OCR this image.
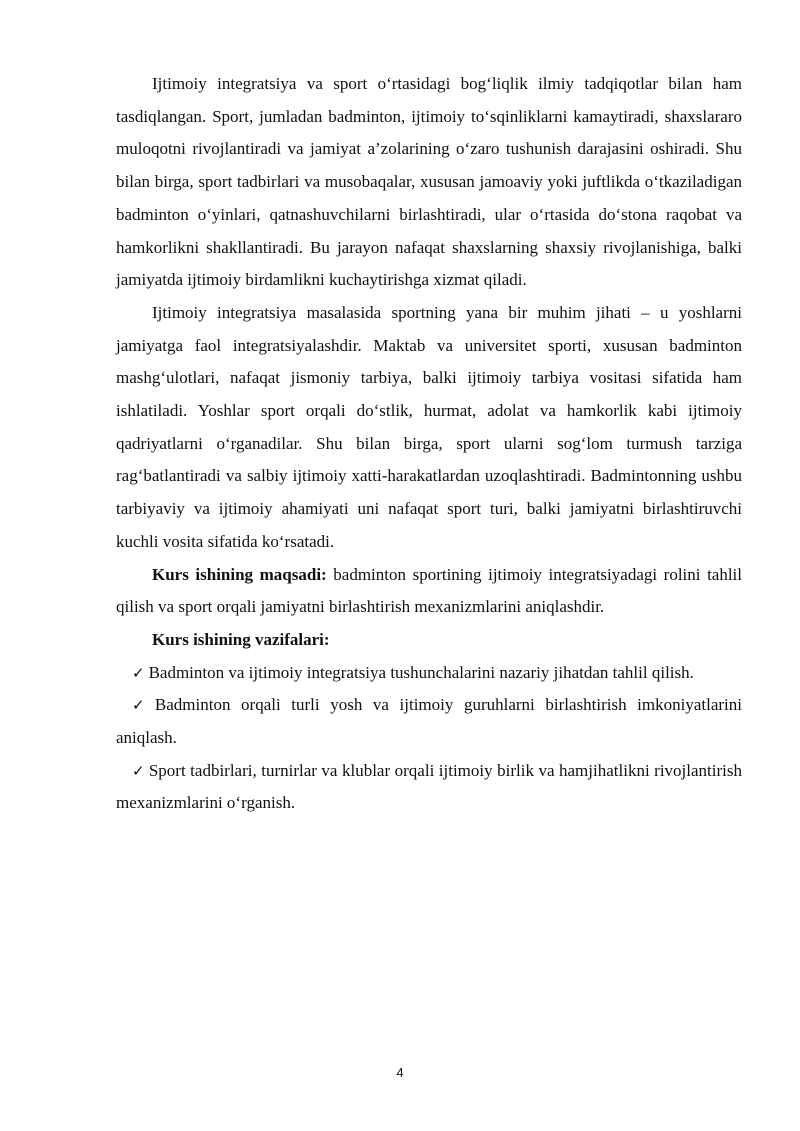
Ijtimoiy integratsiya va sport o‘rtasidagi bog‘liqlik ilmiy tadqiqotlar bilan ham tasdiqlangan. Sport, jumladan badminton, ijtimoiy to‘sqinliklarni kamaytiradi, shaxslararo muloqotni rivojlantiradi va jamiyat a’zolarining o‘zaro tushunish darajasini oshiradi. Shu bilan birga, sport tadbirlari va musobaqalar, xususan jamoaviy yoki juftlikda o‘tkaziladigan badminton o‘yinlari, qatnashuvchilarni birlashtiradi, ular o‘rtasida do‘stona raqobat va hamkorlikni shakllantiradi. Bu jarayon nafaqat shaxslarning shaxsiy rivojlanishiga, balki jamiyatda ijtimoiy birdamlikni kuchaytirishga xizmat qiladi.

Ijtimoiy integratsiya masalasida sportning yana bir muhim jihati – u yoshlarni jamiyatga faol integratsiyalashdir. Maktab va universitet sporti, xususan badminton mashg‘ulotlari, nafaqat jismoniy tarbiya, balki ijtimoiy tarbiya vositasi sifatida ham ishlatiladi. Yoshlar sport orqali do‘stlik, hurmat, adolat va hamkorlik kabi ijtimoiy qadriyatlarni o‘rganadilar. Shu bilan birga, sport ularni sog‘lom turmush tarziga rag‘batlantiradi va salbiy ijtimoiy xatti-harakatlardan uzoqlashtiradi. Badmintonning ushbu tarbiyaviy va ijtimoiy ahamiyati uni nafaqat sport turi, balki jamiyatni birlashtiruvchi kuchli vosita sifatida ko‘rsatadi.

Kurs ishining maqsadi: badminton sportining ijtimoiy integratsiyadagi rolini tahlil qilish va sport orqali jamiyatni birlashtirish mexanizmlarini aniqlashdir.

Kurs ishining vazifalari:

✓ Badminton va ijtimoiy integratsiya tushunchalarini nazariy jihatdan tahlil qilish.

✓ Badminton orqali turli yosh va ijtimoiy guruhlarni birlashtirish imkoniyatlarini aniqlash.

✓ Sport tadbirlari, turnirlar va klublar orqali ijtimoiy birlik va hamjihatlikni rivojlantirish mexanizmlarini o‘rganish.

4
